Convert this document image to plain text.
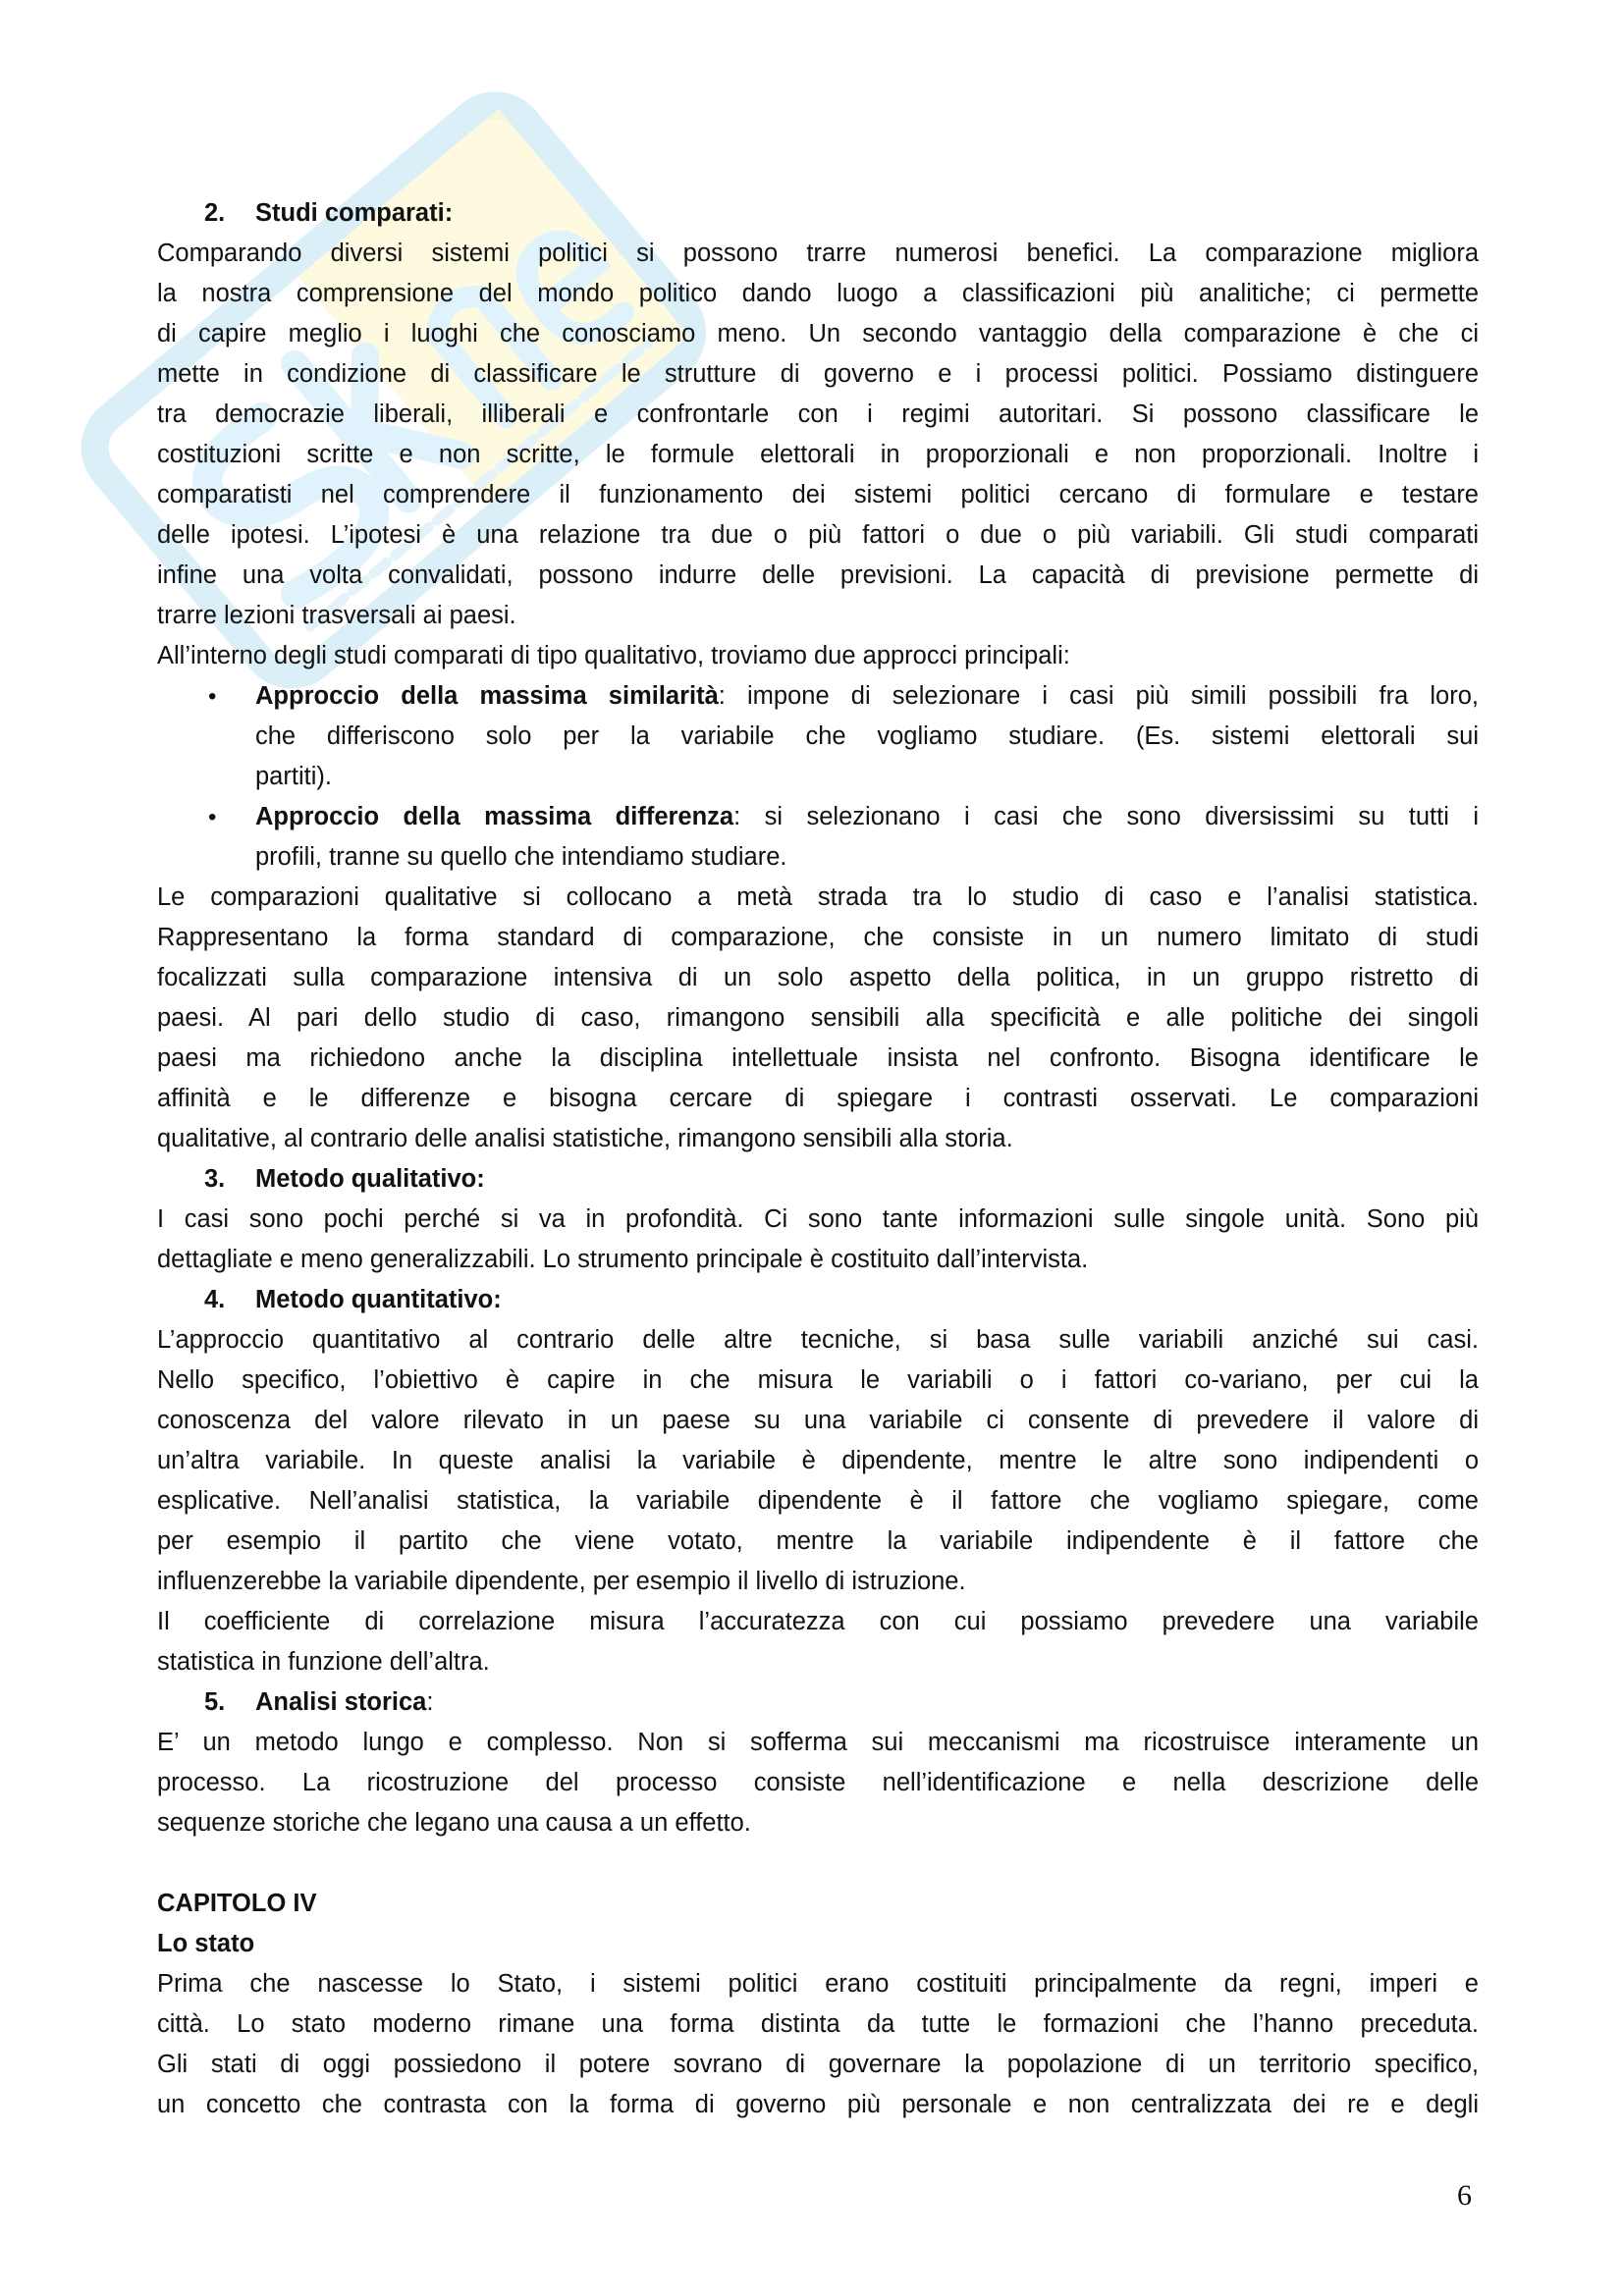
2. Studi comparati:
Comparando diversi sistemi politici si possono trarre numerosi benefici. La comparazione migliora
la nostra comprensione del mondo politico dando luogo a classificazioni più analitiche; ci permette
di capire meglio i luoghi che conosciamo meno. Un secondo vantaggio della comparazione è che ci
mette in condizione di classificare le strutture di governo e i processi politici. Possiamo distinguere
tra democrazie liberali, illiberali e confrontarle con i regimi autoritari. Si possono classificare le
costituzioni scritte e non scritte, le formule elettorali in proporzionali e non proporzionali. Inoltre i
comparatisti nel comprendere il funzionamento dei sistemi politici cercano di formulare e testare
delle ipotesi. L’ipotesi è una relazione tra due o più fattori o due o più variabili. Gli studi comparati
infine una volta convalidati, possono indurre delle previsioni. La capacità di previsione permette di
trarre lezioni trasversali ai paesi.
All’interno degli studi comparati di tipo qualitativo, troviamo due approcci principali:
• Approccio della massima similarità: impone di selezionare i casi più simili possibili fra loro,
che differiscono solo per la variabile che vogliamo studiare. (Es. sistemi elettorali sui
partiti).
• Approccio della massima differenza: si selezionano i casi che sono diversissimi su tutti i
profili, tranne su quello che intendiamo studiare.
Le comparazioni qualitative si collocano a metà strada tra lo studio di caso e l’analisi statistica.
Rappresentano la forma standard di comparazione, che consiste in un numero limitato di studi
focalizzati sulla comparazione intensiva di un solo aspetto della politica, in un gruppo ristretto di
paesi. Al pari dello studio di caso, rimangono sensibili alla specificità e alle politiche dei singoli
paesi ma richiedono anche la disciplina intellettuale insista nel confronto. Bisogna identificare le
affinità e le differenze e bisogna cercare di spiegare i contrasti osservati. Le comparazioni
qualitative, al contrario delle analisi statistiche, rimangono sensibili alla storia.
3. Metodo qualitativo:
I casi sono pochi perché si va in profondità. Ci sono tante informazioni sulle singole unità. Sono più
dettagliate e meno generalizzabili. Lo strumento principale è costituito dall’intervista.
4. Metodo quantitativo:
L’approccio quantitativo al contrario delle altre tecniche, si basa sulle variabili anziché sui casi.
Nello specifico, l’obiettivo è capire in che misura le variabili o i fattori co-variano, per cui la
conoscenza del valore rilevato in un paese su una variabile ci consente di prevedere il valore di
un’altra variabile. In queste analisi la variabile è dipendente, mentre le altre sono indipendenti o
esplicative. Nell’analisi statistica, la variabile dipendente è il fattore che vogliamo spiegare, come
per esempio il partito che viene votato, mentre la variabile indipendente è il fattore che
influenzerebbe la variabile dipendente, per esempio il livello di istruzione.
Il coefficiente di correlazione misura l’accuratezza con cui possiamo prevedere una variabile
statistica in funzione dell’altra.
5. Analisi storica:
E’ un metodo lungo e complesso. Non si sofferma sui meccanismi ma ricostruisce interamente un
processo. La ricostruzione del processo consiste nell’identificazione e nella descrizione delle
sequenze storiche che legano una causa a un effetto.
CAPITOLO IV
Lo stato
Prima che nascesse lo Stato, i sistemi politici erano costituiti principalmente da regni, imperi e
città. Lo stato moderno rimane una forma distinta da tutte le formazioni che l’hanno preceduta.
Gli stati di oggi possiedono il potere sovrano di governare la popolazione di un territorio specifico,
un concetto che contrasta con la forma di governo più personale e non centralizzata dei re e degli
6
